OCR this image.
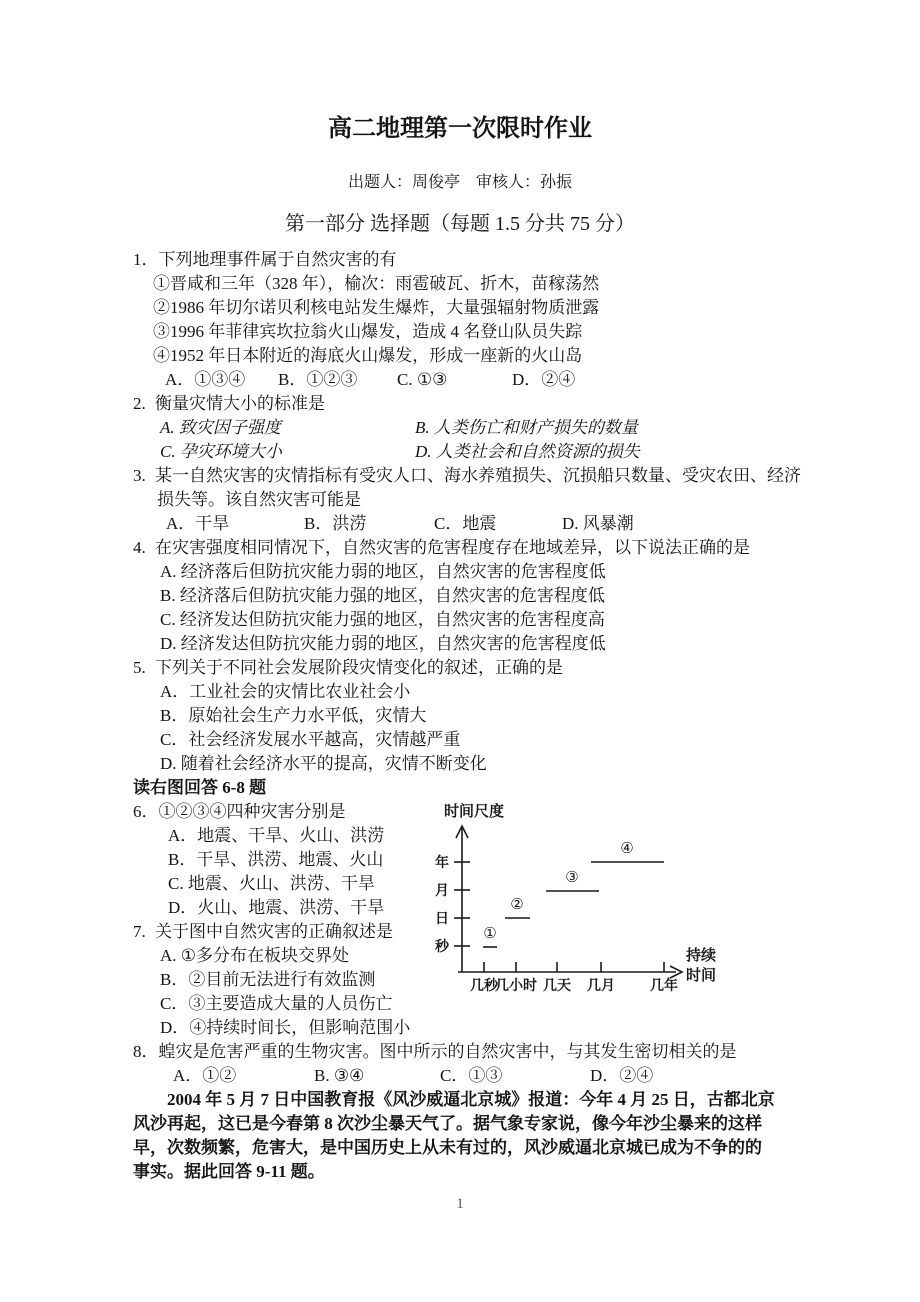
高二地理第一次限时作业
出题人：周俊亭　审核人：孙振
第一部分 选择题（每题 1.5 分共 75 分）
1．下列地理事件属于自然灾害的有
①晋咸和三年（328 年），榆次：雨雹破瓦、折木，苗稼荡然
②1986 年切尔诺贝利核电站发生爆炸，大量强辐射物质泄露
③1996 年菲律宾坎拉翁火山爆发，造成 4 名登山队员失踪
④1952 年日本附近的海底火山爆发，形成一座新的火山岛
A．①③④ B．①②③ C. ①③	D．②④
2. 衡量灾情大小的标准是
A. 致灾因子强度	B. 人类伤亡和财产损失的数量
C. 孕灾环境大小	D. 人类社会和自然资源的损失
3. 某一自然灾害的灾情指标有受灾人口、海水养殖损失、沉损船只数量、受灾农田、经济
损失等。该自然灾害可能是
A．干旱	B．洪涝	C．地震	D. 风暴潮
4. 在灾害强度相同情况下，自然灾害的危害程度存在地域差异，以下说法正确的是
A. 经济落后但防抗灾能力弱的地区，自然灾害的危害程度低
B. 经济落后但防抗灾能力强的地区，自然灾害的危害程度低
C. 经济发达但防抗灾能力强的地区，自然灾害的危害程度高
D. 经济发达但防抗灾能力弱的地区，自然灾害的危害程度低
5. 下列关于不同社会发展阶段灾情变化的叙述，正确的是
A．工业社会的灾情比农业社会小
B．原始社会生产力水平低，灾情大
C．社会经济发展水平越高，灾情越严重
D. 随着社会经济水平的提高，灾情不断变化
读右图回答 6-8 题
6．①②③④四种灾害分别是
A．地震、干旱、火山、洪涝
B．干旱、洪涝、地震、火山
C. 地震、火山、洪涝、干旱
D．火山、地震、洪涝、干旱
7. 关于图中自然灾害的正确叙述是
A. ①多分布在板块交界处
B．②目前无法进行有效监测
C．③主要造成大量的人员伤亡
D．④持续时间长，但影响范围小
8．蝗灾是危害严重的生物灾害。图中所示的自然灾害中，与其发生密切相关的是
A．①②	B. ③④	C．①③	D．②④
2004 年 5 月 7 日中国教育报《风沙威逼北京城》报道：今年 4 月 25 日，古都北京
风沙再起，这已是今春第 8 次沙尘暴天气了。据气象专家说，像今年沙尘暴来的这样
早，次数频繁，危害大，是中国历史上从未有过的，风沙威逼北京城已成为不争的的
事实。据此回答 9-11 题。
1
时间尺度
持续
时间
年
月
日
秒
几秒
几小时 几天 几月	几年
①
②
③
④
